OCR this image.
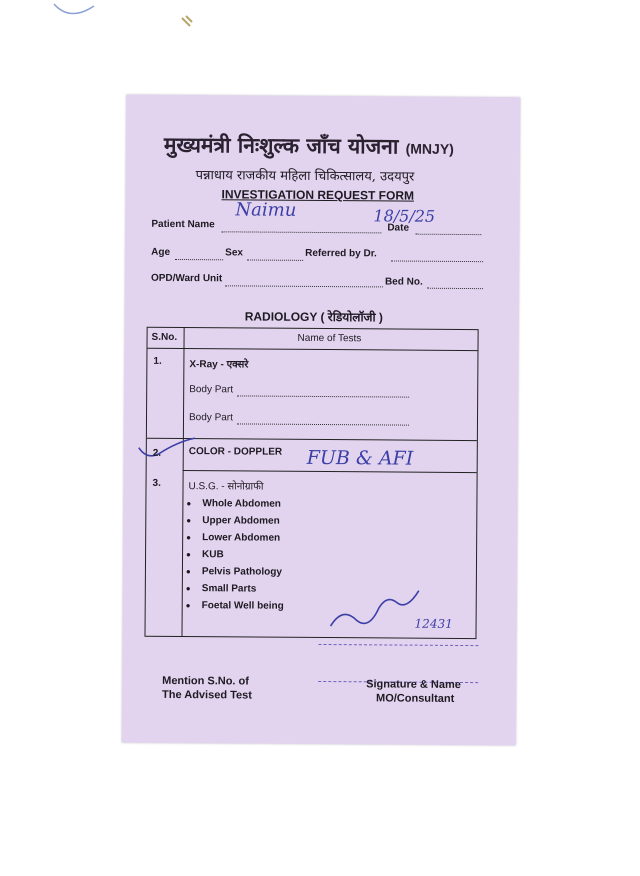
मुख्यमंत्री निःशुल्क जाँच योजना (MNJY)
पन्नाधाय राजकीय महिला चिकित्सालय, उदयपुर
INVESTIGATION REQUEST FORM
Naimu	18/5/25
Patient Name	Date
Age	Sex	Referred by Dr.
OPD/Ward Unit	Bed No.
RADIOLOGY ( रेडियोलॉजी )
S.No.	Name of Tests
1.	X-Ray - एक्सरे
Body Part
Body Part
2.	COLOR - DOPPLER FUB & AFI
3.	U.S.G. - सोनोग्राफी
● Whole Abdomen
● Upper Abdomen
● Lower Abdomen
● KUB
● Pelvis Pathology
● Small Parts
● Foetal Well being
12431
Mention S.No. of
The Advised Test
Signature & Name
MO/Consultant
